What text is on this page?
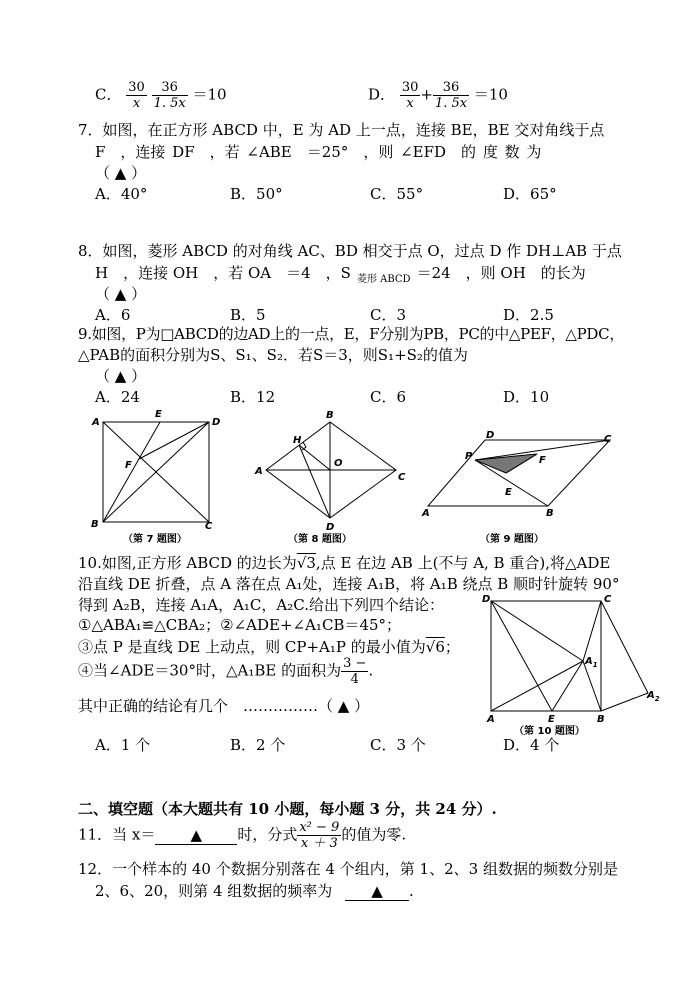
C． $\frac{30}{x}$
$\frac{36}{1. 5x} =10$	D． $\frac{30}{x} + \frac{36}{1. 5x} =10$
7．如图，在正方形 ABCD 中，E 为 AD 上一点，连接 BE，BE 交对角线于点
F　，连接 DF　，若 ∠ABE　＝25°　，则 ∠EFD　的 度 数 为
（ ▲ ）
A．40°	B．50°	C．55°	D．65°
8．如图，菱形 ABCD 的对角线 AC、BD 相交于点 O，过点 D 作 DH⊥AB 于点
H　，连接 OH　，若 OA　＝4　，S $_{菱形 ABCD}$ ＝24　，则 OH　的长为
（ ▲ ）
A．6	B．5	C．3	D．2.5
9.如图，P为□ABCD的边AD上的一点，E，F分别为PB，PC的中△PEF，△PDC，
△PAB的面积分别为S、S₁、S₂．若S＝3，则S₁+S₂的值为
（ ▲ ）
A．24	B．12	C．6	D．10
A
E
D
F
B	C
（第 7 题图）
B
H
A
O
C
D
（第 8 题图）
D	C
P	F
E
A	B
（第 9 题图）
10.如图,正方形 ABCD 的边长为√3,点 E 在边 AB 上(不与 A, B 重合),将△ADE
沿直线 DE 折叠，点 A 落在点 A₁处，连接 A₁B，将 A₁B 绕点 B 顺时针旋转 90°
得到 A₂B，连接 A₁A，A₁C，A₂C.给出下列四个结论：
①△ABA₁≌△CBA₂；②∠ADE+∠A₁CB＝45°；
③点 P 是直线 DE 上动点，则 CP+A₁P 的最小值为√6；
④当∠ADE＝30°时，△A₁BE 的面积为 $\frac{3 -}{4}$ .
其中正确的结论有几个　……………（ ▲ ）
A．1 个	B．2 个	C．3 个	D．4 个
D	C
$A_1$
$A_2$
A	E	B
（第 10 题图）
二、填空题（本大题共有 10 小题，每小题 3 分，共 24 分）.
11．当 x＝ ▲ 时，分式 $\frac{\text{x² − 9}}{x + 3}$ 的值为零.
12．一个样本的 40 个数据分别落在 4 个组内，第 1、2、3 组数据的频数分别是
2、6、20，则第 4 组数据的频率为	▲ .
